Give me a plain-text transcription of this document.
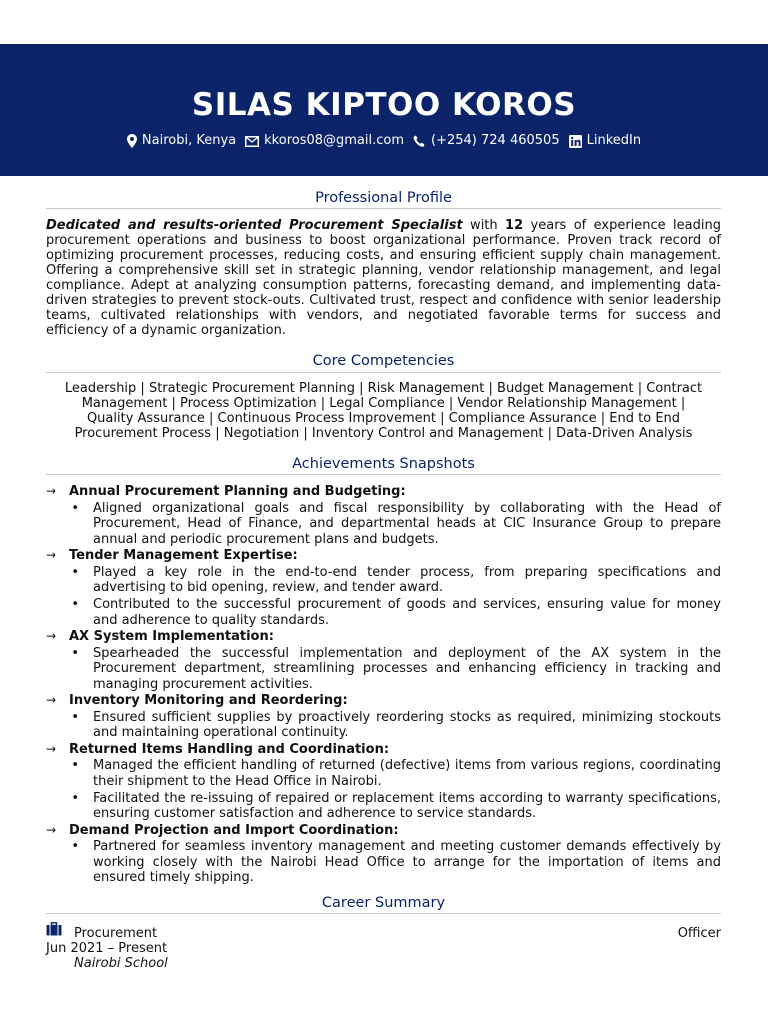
SILAS KIPTOO KOROS
Nairobi, Kenya kkoros08@gmail.com (+254) 724 460505 LinkedIn
Professional Profile
Dedicated and results-oriented Procurement Specialist with 12 years of experience leading procurement operations and business to boost organizational performance. Proven track record of optimizing procurement processes, reducing costs, and ensuring efficient supply chain management. Offering a comprehensive skill set in strategic planning, vendor relationship management, and legal compliance. Adept at analyzing consumption patterns, forecasting demand, and implementing data-driven strategies to prevent stock-outs. Cultivated trust, respect and confidence with senior leadership teams, cultivated relationships with vendors, and negotiated favorable terms for success and efficiency of a dynamic organization.
Core Competencies
Leadership | Strategic Procurement Planning | Risk Management | Budget Management | Contract
Management | Process Optimization | Legal Compliance | Vendor Relationship Management |
Quality Assurance | Continuous Process Improvement | Compliance Assurance | End to End
Procurement Process | Negotiation | Inventory Control and Management | Data-Driven Analysis
Achievements Snapshots
→ Annual Procurement Planning and Budgeting:
•	Aligned organizational goals and fiscal responsibility by collaborating with the Head of Procurement, Head of Finance, and departmental heads at CIC Insurance Group to prepare annual and periodic procurement plans and budgets.
→ Tender Management Expertise:
•	Played a key role in the end-to-end tender process, from preparing specifications and advertising to bid opening, review, and tender award.
•	Contributed to the successful procurement of goods and services, ensuring value for money and adherence to quality standards.
→ AX System Implementation:
•	Spearheaded the successful implementation and deployment of the AX system in the Procurement department, streamlining processes and enhancing efficiency in tracking and managing procurement activities.
→ Inventory Monitoring and Reordering:
•	Ensured sufficient supplies by proactively reordering stocks as required, minimizing stockouts and maintaining operational continuity.
→ Returned Items Handling and Coordination:
•	Managed the efficient handling of returned (defective) items from various regions, coordinating their shipment to the Head Office in Nairobi.
•	Facilitated the re-issuing of repaired or replacement items according to warranty specifications, ensuring customer satisfaction and adherence to service standards.
→ Demand Projection and Import Coordination:
•	Partnered for seamless inventory management and meeting customer demands effectively by working closely with the Nairobi Head Office to arrange for the importation of items and ensured timely shipping.
Career Summary
Procurement	Officer
Jun 2021 – Present
Nairobi School
